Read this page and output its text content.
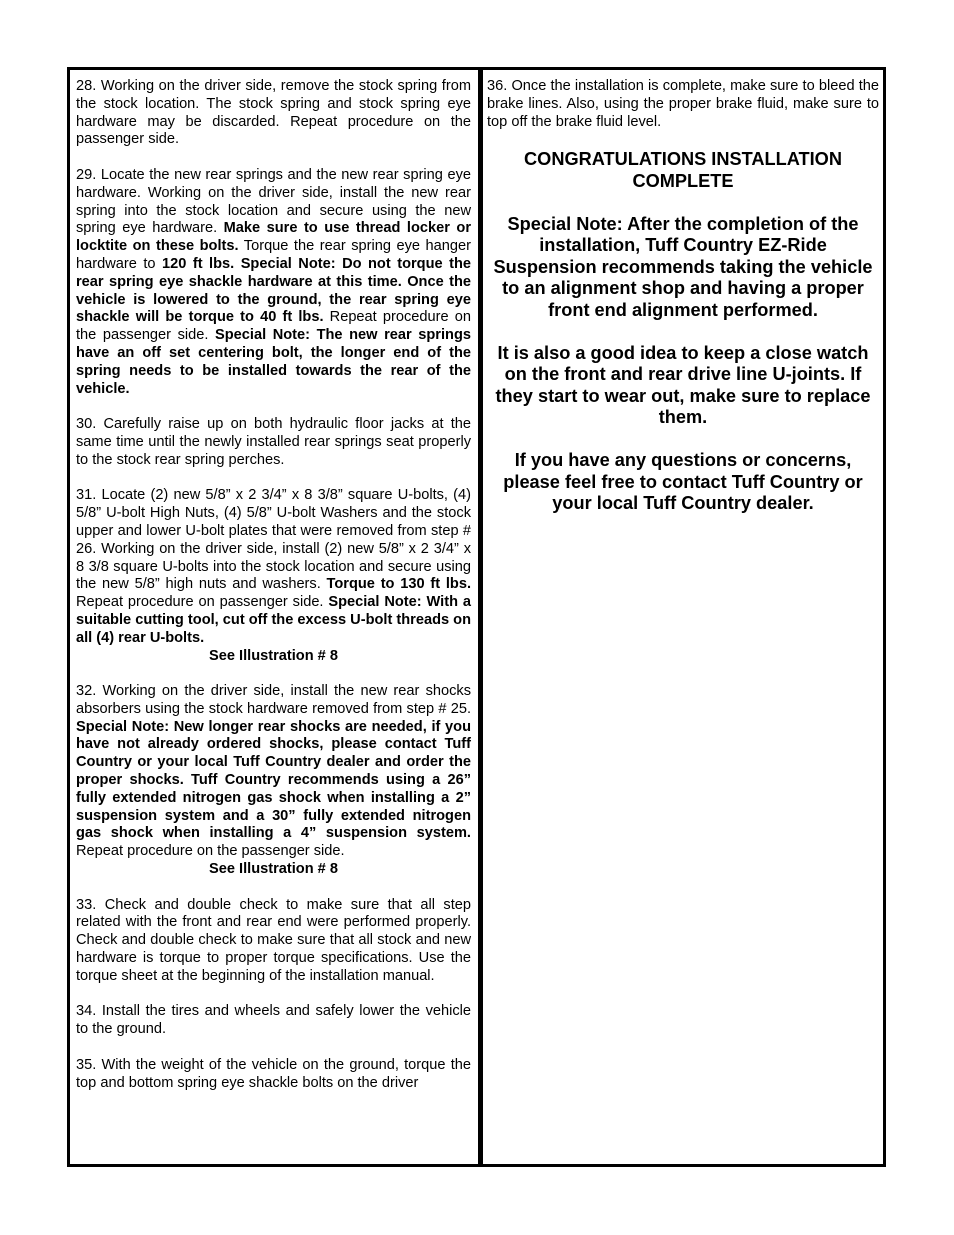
28. Working on the driver side, remove the stock spring from the stock location. The stock spring and stock spring eye hardware may be discarded. Repeat procedure on the passenger side.

29. Locate the new rear springs and the new rear spring eye hardware. Working on the driver side, install the new rear spring into the stock location and secure using the new spring eye hardware. Make sure to use thread locker or locktite on these bolts. Torque the rear spring eye hanger hardware to 120 ft lbs. Special Note: Do not torque the rear spring eye shackle hardware at this time. Once the vehicle is lowered to the ground, the rear spring eye shackle will be torque to 40 ft lbs. Repeat procedure on the passenger side. Special Note: The new rear springs have an off set centering bolt, the longer end of the spring needs to be installed towards the rear of the vehicle.

30. Carefully raise up on both hydraulic floor jacks at the same time until the newly installed rear springs seat properly to the stock rear spring perches.

31. Locate (2) new 5/8” x 2 3/4” x 8 3/8” square U-bolts, (4) 5/8” U-bolt High Nuts, (4) 5/8” U-bolt Washers and the stock upper and lower U-bolt plates that were removed from step # 26. Working on the driver side, install (2) new 5/8” x 2 3/4” x 8 3/8 square U-bolts into the stock location and secure using the new 5/8” high nuts and washers. Torque to 130 ft lbs. Repeat procedure on passenger side. Special Note: With a suitable cutting tool, cut off the excess U-bolt threads on all (4) rear U-bolts.
See Illustration # 8

32. Working on the driver side, install the new rear shocks absorbers using the stock hardware removed from step # 25. Special Note: New longer rear shocks are needed, if you have not already ordered shocks, please contact Tuff Country or your local Tuff Country dealer and order the proper shocks. Tuff Country recommends using a 26” fully extended nitrogen gas shock when installing a 2” suspension system and a 30” fully extended nitrogen gas shock when installing a 4” suspension system. Repeat procedure on the passenger side.
See Illustration # 8

33. Check and double check to make sure that all step related with the front and rear end were performed properly. Check and double check to make sure that all stock and new hardware is torque to proper torque specifications. Use the torque sheet at the beginning of the installation manual.

34. Install the tires and wheels and safely lower the vehicle to the ground.

35. With the weight of the vehicle on the ground, torque the top and bottom spring eye shackle bolts on the driver

36. Once the installation is complete, make sure to bleed the brake lines. Also, using the proper brake fluid, make sure to top off the brake fluid level.

CONGRATULATIONS INSTALLATION COMPLETE

Special Note: After the completion of the installation, Tuff Country EZ-Ride Suspension recommends taking the vehicle to an alignment shop and having a proper front end alignment performed.

It is also a good idea to keep a close watch on the front and rear drive line U-joints. If they start to wear out, make sure to replace them.

If you have any questions or concerns, please feel free to contact Tuff Country or your local Tuff Country dealer.
